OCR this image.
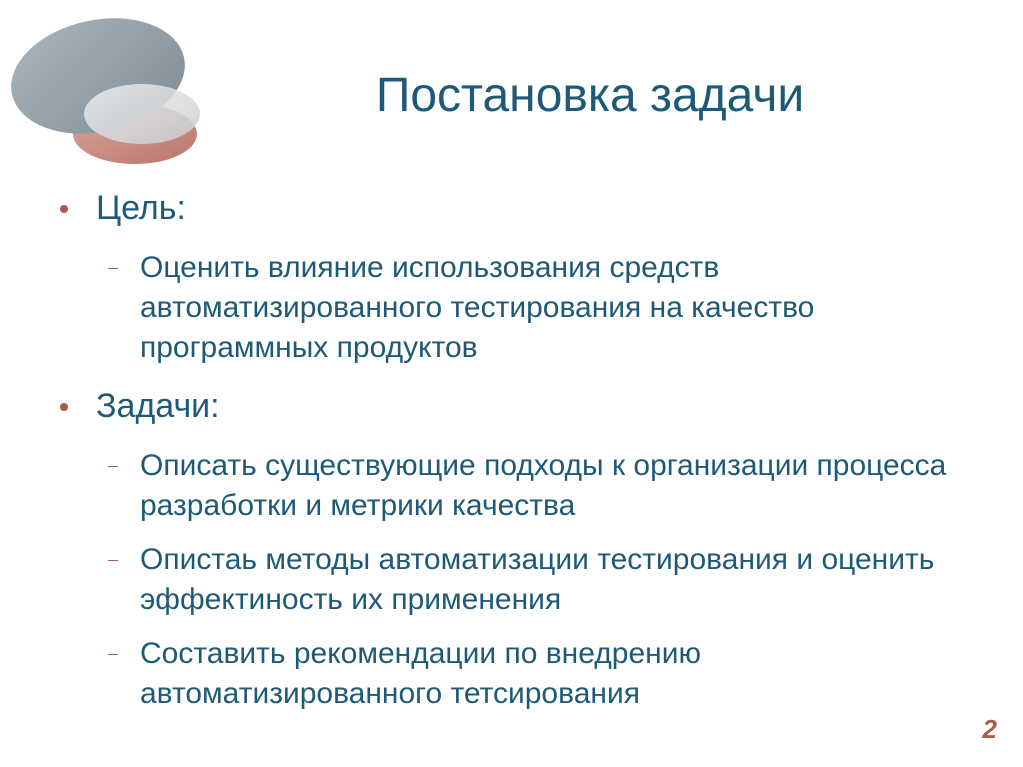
Постановка задачи
Цель:
Оценить влияние использования средств автоматизированного тестирования на качество программных продуктов
Задачи:
Описать существующие подходы к организации процесса разработки и метрики качества
Опистаь методы автоматизации тестирования и оценить эффектиность их применения
Составить рекомендации по внедрению автоматизированного тетсирования
2
